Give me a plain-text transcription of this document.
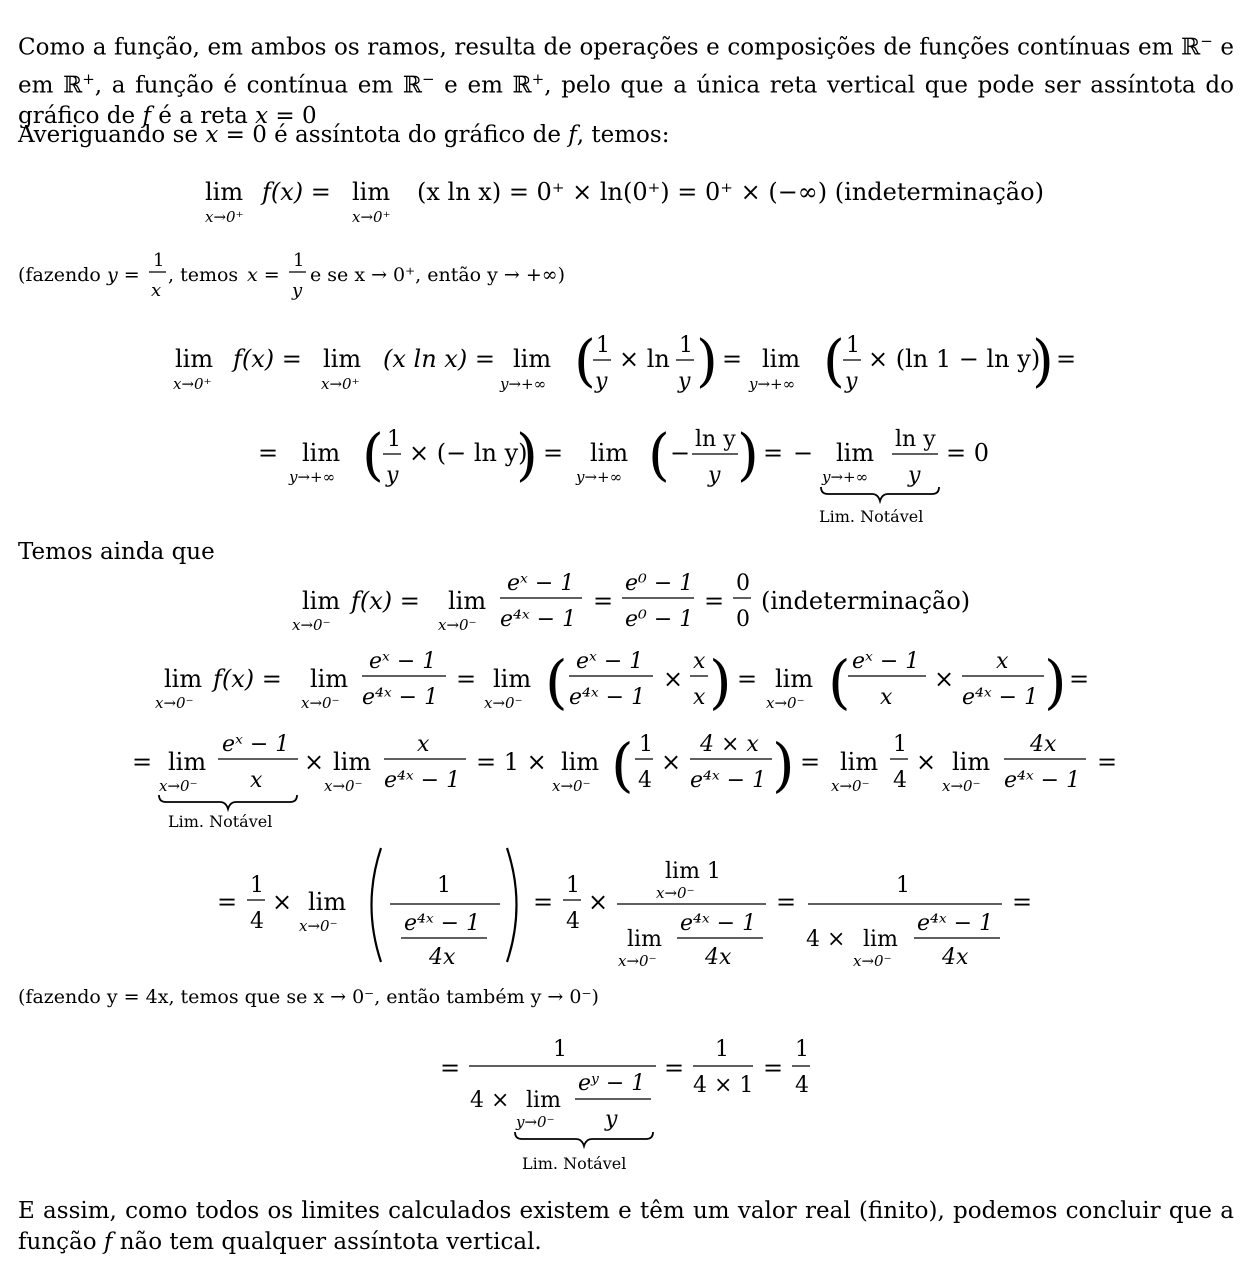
Como a função, em ambos os ramos, resulta de operações e composições de funções contínuas em ℝ− e em ℝ+, a função é contínua em ℝ− e em ℝ+, pelo que a única reta vertical que pode ser assíntota do gráfico de f é a reta x = 0
Averiguando se x = 0 é assíntota do gráfico de f, temos:
Temos ainda que
(fazendo y = 4x, temos que se x → 0⁻, então também y → 0⁻)
E assim, como todos os limites calculados existem e têm um valor real (finito), podemos concluir que a função f não tem qualquer assíntota vertical.
lim
x→0⁺
f(x) = lim
x→0⁺
(x ln x) = 0⁺ × ln(0⁺) = 0⁺ × (−∞) (indeterminação)
(fazendo y =
1
x
, temos x =
1
y
e se x → 0⁺, então y → +∞)
lim
x→0⁺
f(x) = lim
x→0⁺
(x ln x) = lim
y→+∞ ( 1
y
× ln 1
y ) = lim
y→+∞ ( 1
y
× (ln 1 − ln y)
) =
= lim
y→+∞ ( 1
y
× (− ln y)
) = lim
y→+∞ ( − ln y
y ) = − lim
y→+∞
ln y
y
= 0
Lim. Notável
lim
x→0⁻
f(x) = lim
x→0⁻
eˣ − 1
e⁴ˣ − 1
=
e⁰ − 1
e⁰ − 1
=
0
0
(indeterminação)
lim
x→0⁻
f(x) = lim
x→0⁻
eˣ − 1
e⁴ˣ − 1
= lim
x→0⁻ ( eˣ − 1
e⁴ˣ − 1
×
x
x ) = lim
x→0⁻ ( eˣ − 1
x
×
x
e⁴ˣ − 1 ) =
= lim
x→0⁻
eˣ − 1
x
Lim. Notável
× lim
x→0⁻
x
e⁴ˣ − 1
= 1 × lim
x→0⁻ ( 1
4
×
4 × x
e⁴ˣ − 1 ) = lim
x→0⁻
1
4
× lim
x→0⁻
4x
e⁴ˣ − 1
=
=
1
4
× lim
x→0⁻
1
e⁴ˣ − 1
4x
=
1
4
×
lim 1
x→0⁻
lim
x→0⁻
e⁴ˣ − 1
4x
=
1
4 × lim
x→0⁻
e⁴ˣ − 1
4x
=
=
1
4 × lim
y→0⁻
eʸ − 1
y
Lim. Notável
=
1
4 × 1
=
1
4
